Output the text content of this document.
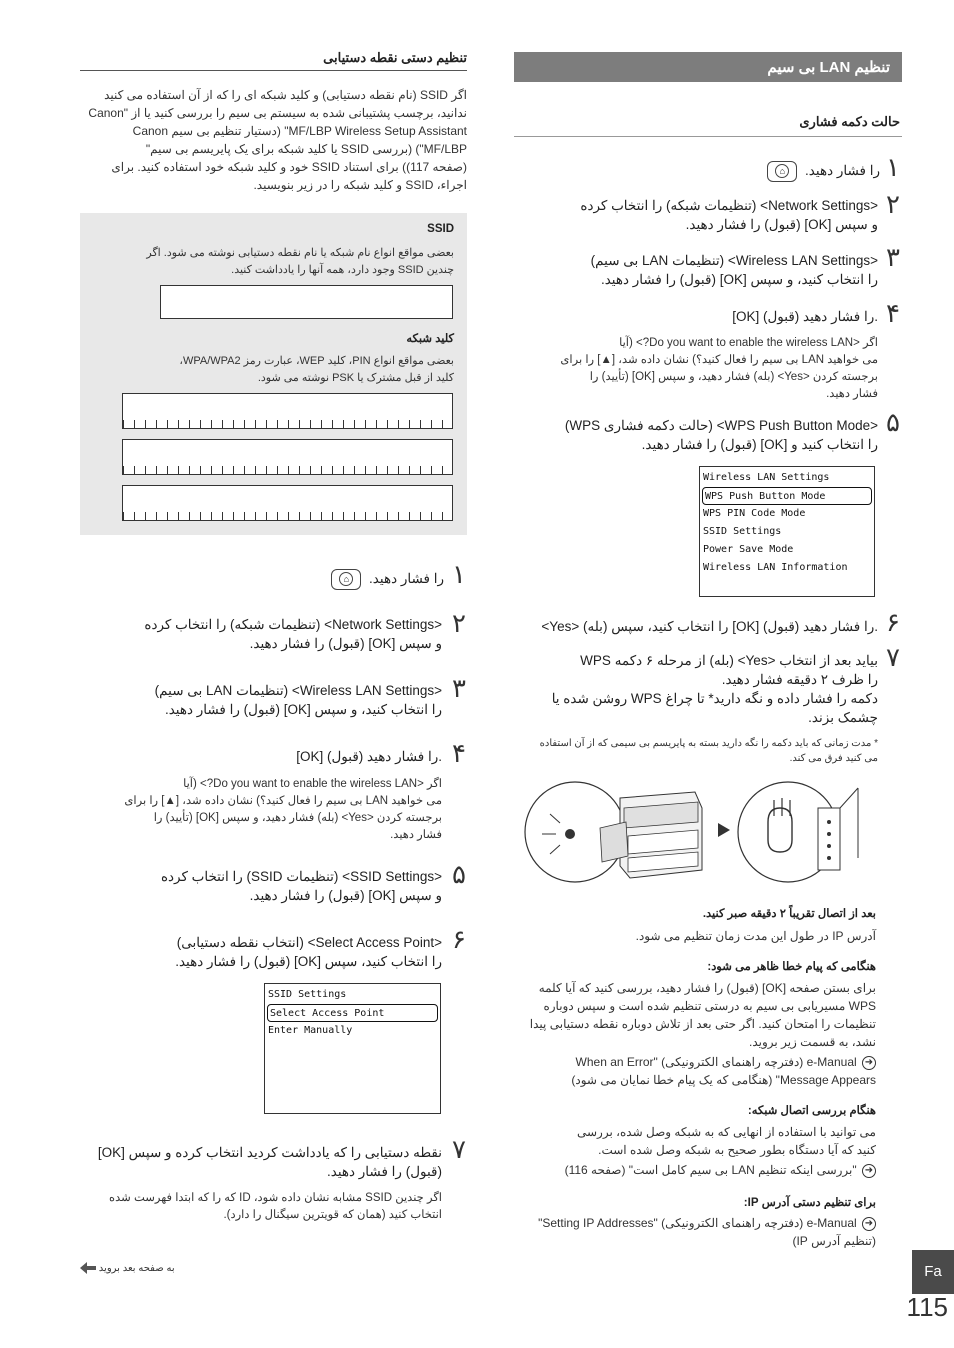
تنظیم LAN بی سیم
حالت دکمه فشاری
۱
را فشار دهید.
⌂
۲
<Network Settings> (تنظیمات شبکه) را انتخاب کرده
و سپس [OK] (قبول) را فشار دهید.
۳
<Wireless LAN Settings> (تنظیمات LAN بی سیم)
را انتخاب کنید، و سپس [OK] (قبول) را فشار دهید.
۴
[OK] (قبول) را فشار دهید.
اگر <Do you want to enable the wireless LAN?> (آیا
می خواهید LAN بی سیم را فعال کنید؟) نشان داده شد، [▲] را برای
برجسته کردن <Yes> (بله) فشار دهید، و سپس [OK] (تأیید) را
فشار دهید.
۵
<WPS Push Button Mode> (حالت دکمه فشاری WPS)
را انتخاب کنید و [OK] (قبول) را فشار دهید.
Wireless LAN Settings
WPS Push Button Mode
WPS PIN Code Mode
SSID Settings
Power Save Mode
Wireless LAN Information
۶
<Yes> (بله) را انتخاب کنید، سپس [OK] (قبول) را فشار دهید.
۷
بیاید بعد از انتخاب <Yes> (بله) از مرحله ۶ دکمه WPS
را ظرف ۲ دقیقه فشار دهید.
دکمه را فشار داده و نگه دارید* تا چراغ WPS روشن شده یا
چشمک بزند.
* مدت زمانی که باید دکمه را نگه دارید بسته به پایریسم بی سیمی که از آن استفاده
می کنید فرق می کند.
بعد از اتصال تقریباً ۲ دقیقه صبر کنید.
آدرس IP در طول این مدت زمان تنظیم می شود.
هنگامی که پیام خطا ظاهر می شود:
برای بستن صفحه [OK] (قبول) را فشار دهید، بررسی کنید که آیا کلمه
WPS مسیریابی بی سیم به درستی تنظیم شده است و سپس دوباره
تنظیمات را امتحان کنید. اگر حتی بعد از تلاش دوباره نقطه دستیابی پیدا
نشد، به قسمت زیر بروید.
➜ e-Manual (دفترچه راهنمای الکترونیکی) "When an Error
Message Appears" (هنگامی که یک پیام خطا نمایان می شود)
هنگام بررسی اتصال شبکه:
می توانید با استفاده از انهایی که به شبکه وصل شده، بررسی
کنید که آیا دستگاه بطور صحیح به شبکه وصل شده است.
➜ "بررسی اینکه تنظیم LAN بی سیم کامل است" (صفحه 116)
برای تنظیم دستی آدرس IP:
➜ e-Manual (دفترچه راهنمای الکترونیکی) "Setting IP Addresses"
(تنظیم آدرس IP)
تنظیم دستی نقطه دستیابی
اگر SSID (نام نقطه دستیابی) و کلید شبکه ای را که از آن استفاده می کنید
ندانید، برچسب پشتیبانی شده به سیستم بی سیم را بررسی کنید یا از "Canon
MF/LBP Wireless Setup Assistant" (دستیار تنظیم بی سیم Canon
MF/LBP") (بررسی SSID یا کلید شبکه برای یک پایریسم بی سیم"
(صفحه 117)) برای استناد SSID خود و کلید شبکه خود استفاده کنید. برای
اجراء، SSID و کلید شبکه را در زیر بنویسید.
SSID
بعضی مواقع انواع نام شبکه یا نام نقطه دستیابی نوشته می شود. اگر
چندین SSID وجود دارد، همه آنها را یادداشت کنید.
کلید شبکه
بعضی مواقع انواع PIN، کلید WEP، عبارت رمز WPA/WPA2،
کلید از قبل مشترک یا PSK نوشته می شود.
۱
را فشار دهید.
⌂
۲
<Network Settings> (تنظیمات شبکه) را انتخاب کرده
و سپس [OK] (قبول) را فشار دهید.
۳
<Wireless LAN Settings> (تنظیمات LAN بی سیم)
را انتخاب کنید، و سپس [OK] (قبول) را فشار دهید.
۴
[OK] (قبول) را فشار دهید.
اگر <Do you want to enable the wireless LAN?> (آیا
می خواهید LAN بی سیم را فعال کنید؟) نشان داده شد، [▲] را برای
برجسته کردن <Yes> (بله) فشار دهید، و سپس [OK] (تأیید) را
فشار دهید.
۵
<SSID Settings> (تنظیمات SSID) را انتخاب کرده
و سپس [OK] (قبول) را فشار دهید.
۶
<Select Access Point> (انتخاب نقطه دستیابی)
را انتخاب کنید، سپس [OK] (قبول) را فشار دهید.
SSID Settings
Select Access Point
Enter Manually
۷
نقطه دستیابی را که یادداشت کردید انتخاب کرده و سپس [OK]
(قبول) را فشار دهید.
اگر چندین SSID مشابه نشان داده شود، ID که را که ابتدا فهرست شده
انتخاب کنید (همان که قویترین سیگنال را دارد).
به صفحه بعد بروید	Fa
115
